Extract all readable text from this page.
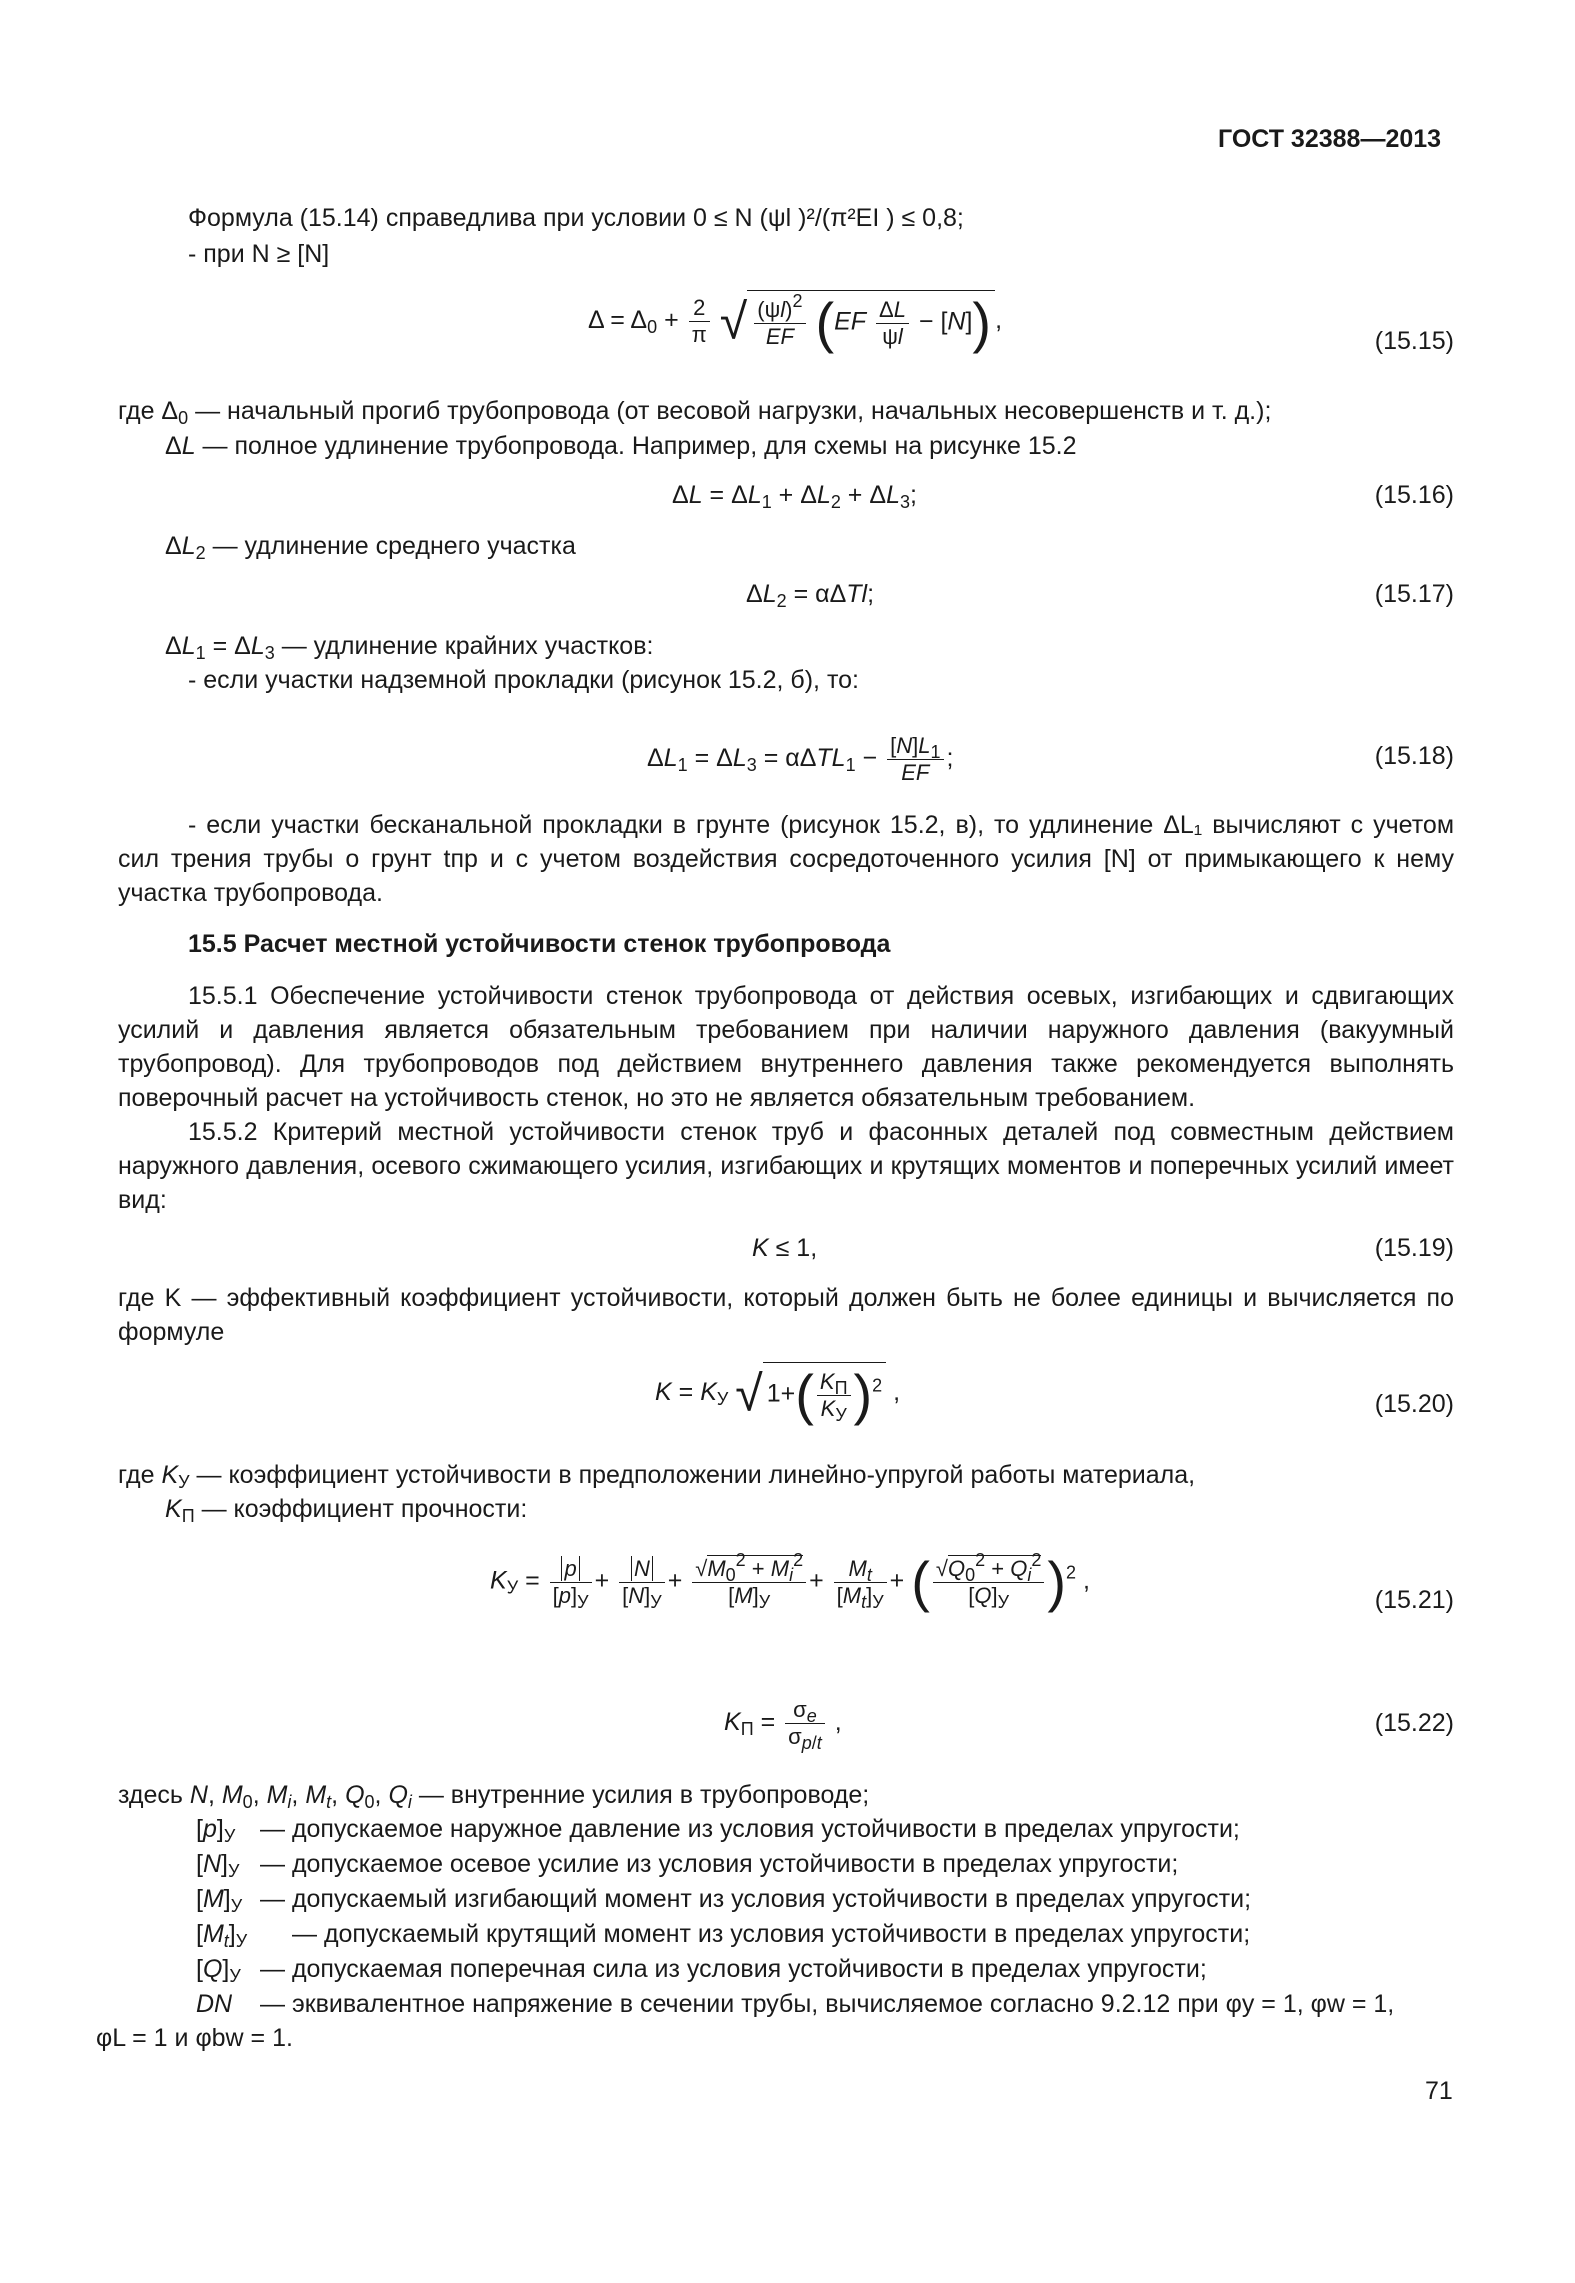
ГОСТ 32388—2013
Формула (15.14) справедлива при условии 0 ≤ N (ψl )²/(π²EI ) ≤ 0,8;
- при N ≥ [N]
$\Delta = \Delta_0 + \frac{2}{\pi}$ √ $\frac{(\psi l)^2}{EF} (EF \frac{\Delta L}{\psi l} - [N])$ ,
(15.15)
где $\Delta_0$ — начальный прогиб трубопровода (от весовой нагрузки, начальных несовершенств и т. д.);
ΔL — полное удлинение трубопровода. Например, для схемы на рисунке 15.2
$\Delta L = \Delta L_1 + \Delta L_2 + \Delta L_3$;	(15.16)
$\Delta L_2$ — удлинение среднего участка
$\Delta L_2 = \alpha\Delta Tl$;	(15.17)
$\Delta L_1 = \Delta L_3$ — удлинение крайних участков:
- если участки надземной прокладки (рисунок 15.2, б), то:
$\Delta L_1 = \Delta L_3 = \alpha\Delta TL_1 - \frac{[N]L_1}{EF}$ ;	(15.18)
- если участки бесканальной прокладки в грунте (рисунок 15.2, в), то удлинение ΔL₁ вычисляют с учетом сил трения трубы о грунт tпр и с учетом воздействия сосредоточенного усилия [N] от примыкающего к нему участка трубопровода.
15.5 Расчет местной устойчивости стенок трубопровода
15.5.1 Обеспечение устойчивости стенок трубопровода от действия осевых, изгибающих и сдвигающих усилий и давления является обязательным требованием при наличии наружного давления (вакуумный трубопровод). Для трубопроводов под действием внутреннего давления также рекомендуется выполнять поверочный расчет на устойчивость стенок, но это не является обязательным требованием.
15.5.2 Критерий местной устойчивости стенок труб и фасонных деталей под совместным действием наружного давления, осевого сжимающего усилия, изгибающих и крутящих моментов и поперечных усилий имеет вид:
K ≤ 1,	(15.19)
где K — эффективный коэффициент устойчивости, который должен быть не более единицы и вычисляется по формуле
$K = K_У$ √ $1+( \frac{K_П}{K_У} )^2$ ,	(15.20)
где $K_У$ — коэффициент устойчивости в предположении линейно-упругой работы материала,
$K_П$ — коэффициент прочности:
$K_У = \frac{p}{[p]_У} + \frac{N}{[N]_У} + \frac{√M_0^2 + M_i^2}{[M]_У} + \frac{M_t}{[M_t]_У}$ + ( $\frac{√Q_0^2 + Q_i^2}{[Q]_У} )^2$ ,
(15.21)
$K_П = \frac{\sigma_e}{\sigma_{p/t}}$ ,	(15.22)
здесь N, $M_0$, $M_i$, $M_t$, $Q_0$, $Q_i$ — внутренние усилия в трубопроводе;
$[p]_У$ — допускаемое наружное давление из условия устойчивости в пределах упругости;
$[N]_У$ — допускаемое осевое усилие из условия устойчивости в пределах упругости;
$[M]_У$ — допускаемый изгибающий момент из условия устойчивости в пределах упругости;
$[M_t]_У$ — допускаемый крутящий момент из условия устойчивости в пределах упругости;
$[Q]_У$ — допускаемая поперечная сила из условия устойчивости в пределах упругости;
DN — эквивалентное напряжение в сечении трубы, вычисляемое согласно 9.2.12 при φy = 1, φw = 1,
φL = 1 и φbw = 1.
71
